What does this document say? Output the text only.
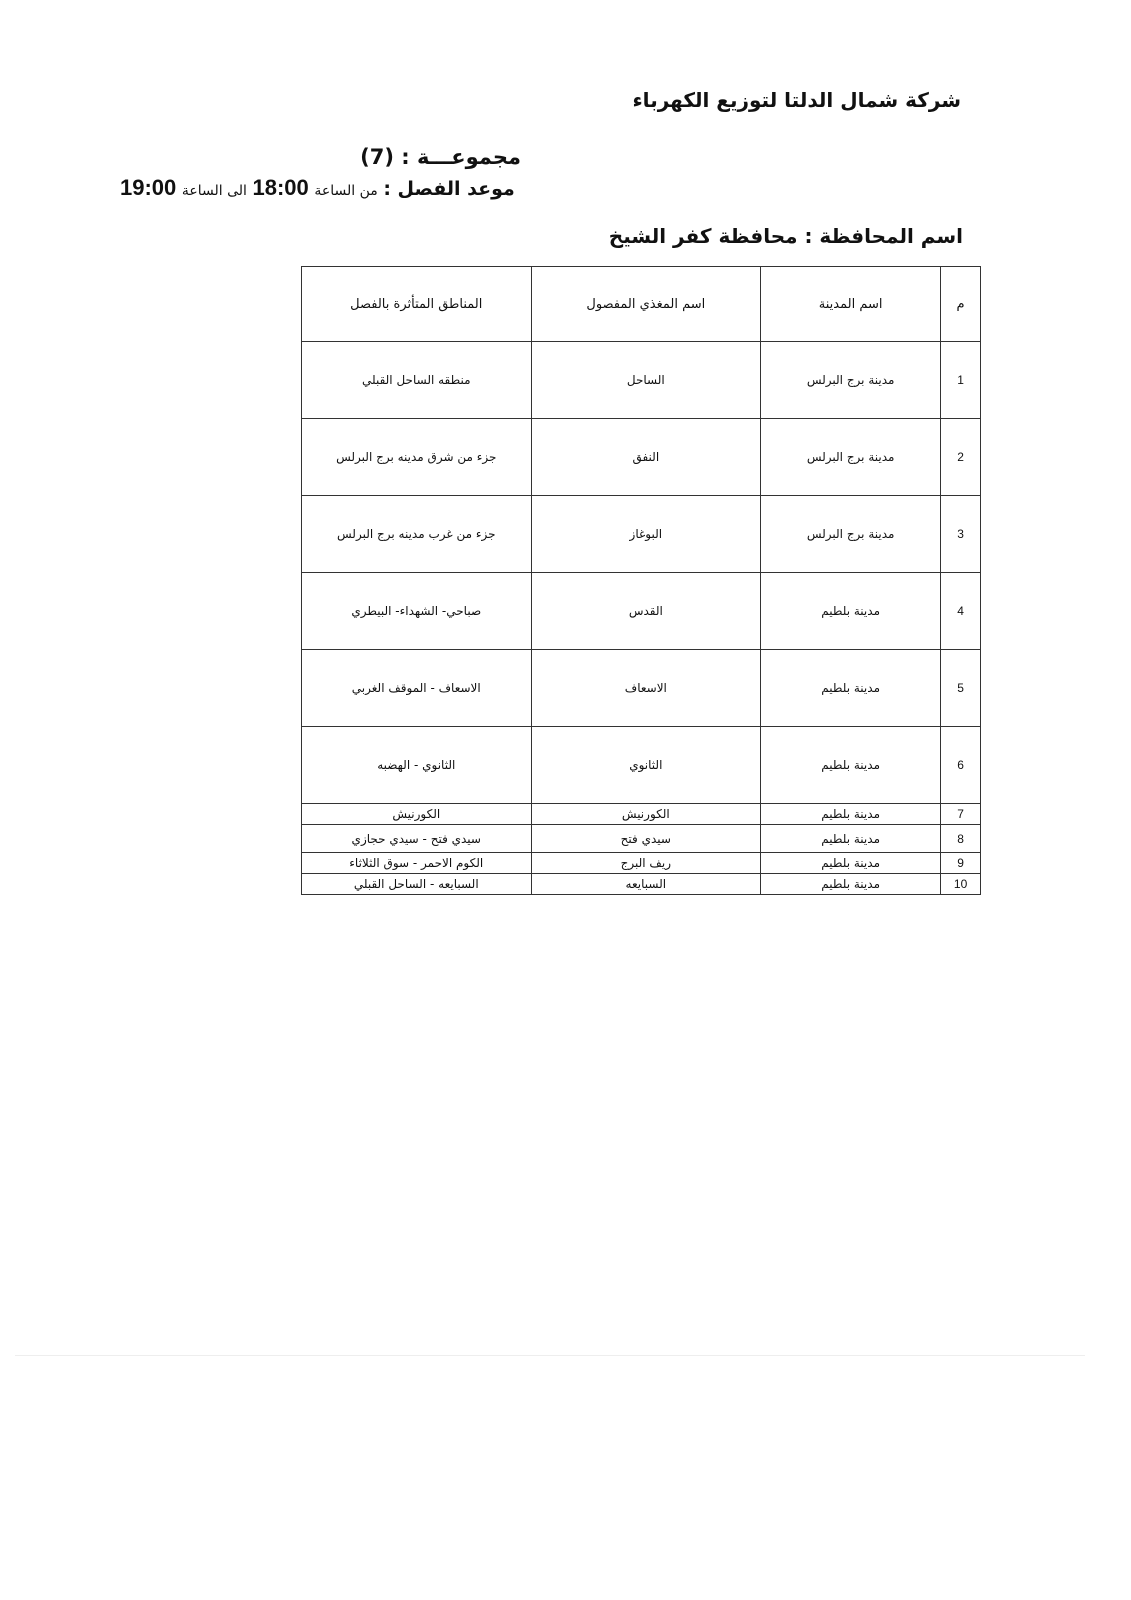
شركة شمال الدلتا لتوزيع الكهرباء
مجموعـــة : (7)
موعد الفصل : من الساعة 18:00 الى الساعة 19:00
اسم المحافظة : محافظة كفر الشيخ
م	اسم المدينة	اسم المغذي المفصول	المناطق المتأثرة بالفصل
1	مدينة برج البرلس	الساحل	منطقه الساحل القبلي
2	مدينة برج البرلس	النفق	جزء من شرق مدينه برج البرلس
3	مدينة برج البرلس	البوغاز	جزء من غرب مدينه برج البرلس
4	مدينة بلطيم	القدس	صباحي- الشهداء- البيطري
5	مدينة بلطيم	الاسعاف	الاسعاف - الموقف الغربي
6	مدينة بلطيم	الثانوي	الثانوي - الهضبه
7	مدينة بلطيم	الكورنيش	الكورنيش
8	مدينة بلطيم	سيدي فتح	سيدي فتح - سيدي حجازي
9	مدينة بلطيم	ريف البرج	الكوم الاحمر - سوق الثلاثاء
10	مدينة بلطيم	السبايعه	السبايعه - الساحل القبلي
